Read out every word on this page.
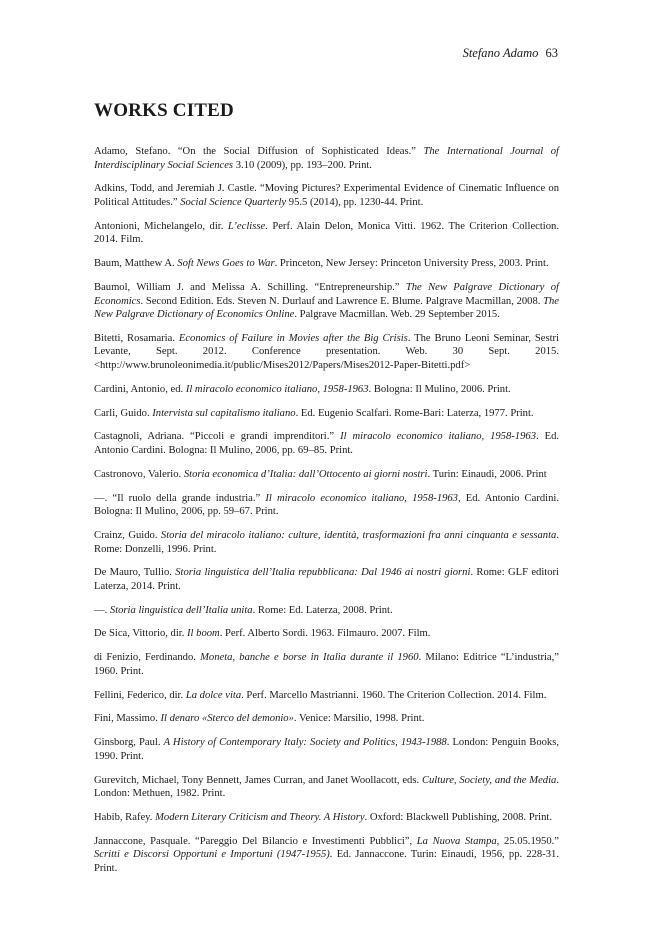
Stefano Adamo 63
WORKS CITED
Adamo, Stefano. “On the Social Diffusion of Sophisticated Ideas.” The International Journal of Interdisciplinary Social Sciences 3.10 (2009), pp. 193–200. Print.
Adkins, Todd, and Jeremiah J. Castle. “Moving Pictures? Experimental Evidence of Cinematic Influence on Political Attitudes.” Social Science Quarterly 95.5 (2014), pp. 1230-44. Print.
Antonioni, Michelangelo, dir. L’eclisse. Perf. Alain Delon, Monica Vitti. 1962. The Criterion Collection. 2014. Film.
Baum, Matthew A. Soft News Goes to War. Princeton, New Jersey: Princeton University Press, 2003. Print.
Baumol, William J. and Melissa A. Schilling. “Entrepreneurship.” The New Palgrave Dictionary of Economics. Second Edition. Eds. Steven N. Durlauf and Lawrence E. Blume. Palgrave Macmillan, 2008. The New Palgrave Dictionary of Economics Online. Palgrave Macmillan. Web. 29 September 2015.
Bitetti, Rosamaria. Economics of Failure in Movies after the Big Crisis. The Bruno Leoni Seminar, Sestri Levante, Sept. 2012. Conference presentation. Web. 30 Sept. 2015. <http://www.brunoleonimedia.it/public/Mises2012/Papers/Mises2012-Paper-Bitetti.pdf>
Cardini, Antonio, ed. Il miracolo economico italiano, 1958-1963. Bologna: Il Mulino, 2006. Print.
Carli, Guido. Intervista sul capitalismo italiano. Ed. Eugenio Scalfari. Rome-Bari: Laterza, 1977. Print.
Castagnoli, Adriana. “Piccoli e grandi imprenditori.” Il miracolo economico italiano, 1958-1963. Ed. Antonio Cardini. Bologna: Il Mulino, 2006, pp. 69–85. Print.
Castronovo, Valerio. Storia economica d’Italia: dall’Ottocento ai giorni nostri. Turin: Einaudi, 2006. Print
—. “Il ruolo della grande industria.” Il miracolo economico italiano, 1958-1963, Ed. Antonio Cardini. Bologna: Il Mulino, 2006, pp. 59–67. Print.
Crainz, Guido. Storia del miracolo italiano: culture, identità, trasformazioni fra anni cinquanta e sessanta. Rome: Donzelli, 1996. Print.
De Mauro, Tullio. Storia linguistica dell’Italia repubblicana: Dal 1946 ai nostri giorni. Rome: GLF editori Laterza, 2014. Print.
—. Storia linguistica dell’Italia unita. Rome: Ed. Laterza, 2008. Print.
De Sica, Vittorio, dir. Il boom. Perf. Alberto Sordi. 1963. Filmauro. 2007. Film.
di Fenizio, Ferdinando. Moneta, banche e borse in Italia durante il 1960. Milano: Editrice “L’industria,” 1960. Print.
Fellini, Federico, dir. La dolce vita. Perf. Marcello Mastrianni. 1960. The Criterion Collection. 2014. Film.
Fini, Massimo. Il denaro «Sterco del demonio». Venice: Marsilio, 1998. Print.
Ginsborg, Paul. A History of Contemporary Italy: Society and Politics, 1943-1988. London: Penguin Books, 1990. Print.
Gurevitch, Michael, Tony Bennett, James Curran, and Janet Woollacott, eds. Culture, Society, and the Media. London: Methuen, 1982. Print.
Habib, Rafey. Modern Literary Criticism and Theory. A History. Oxford: Blackwell Publishing, 2008. Print.
Jannaccone, Pasquale. “Pareggio Del Bilancio e Investimenti Pubblici”, La Nuova Stampa, 25.05.1950.” Scritti e Discorsi Opportuni e Importuni (1947-1955). Ed. Jannaccone. Turin: Einaudi, 1956, pp. 228-31. Print.
